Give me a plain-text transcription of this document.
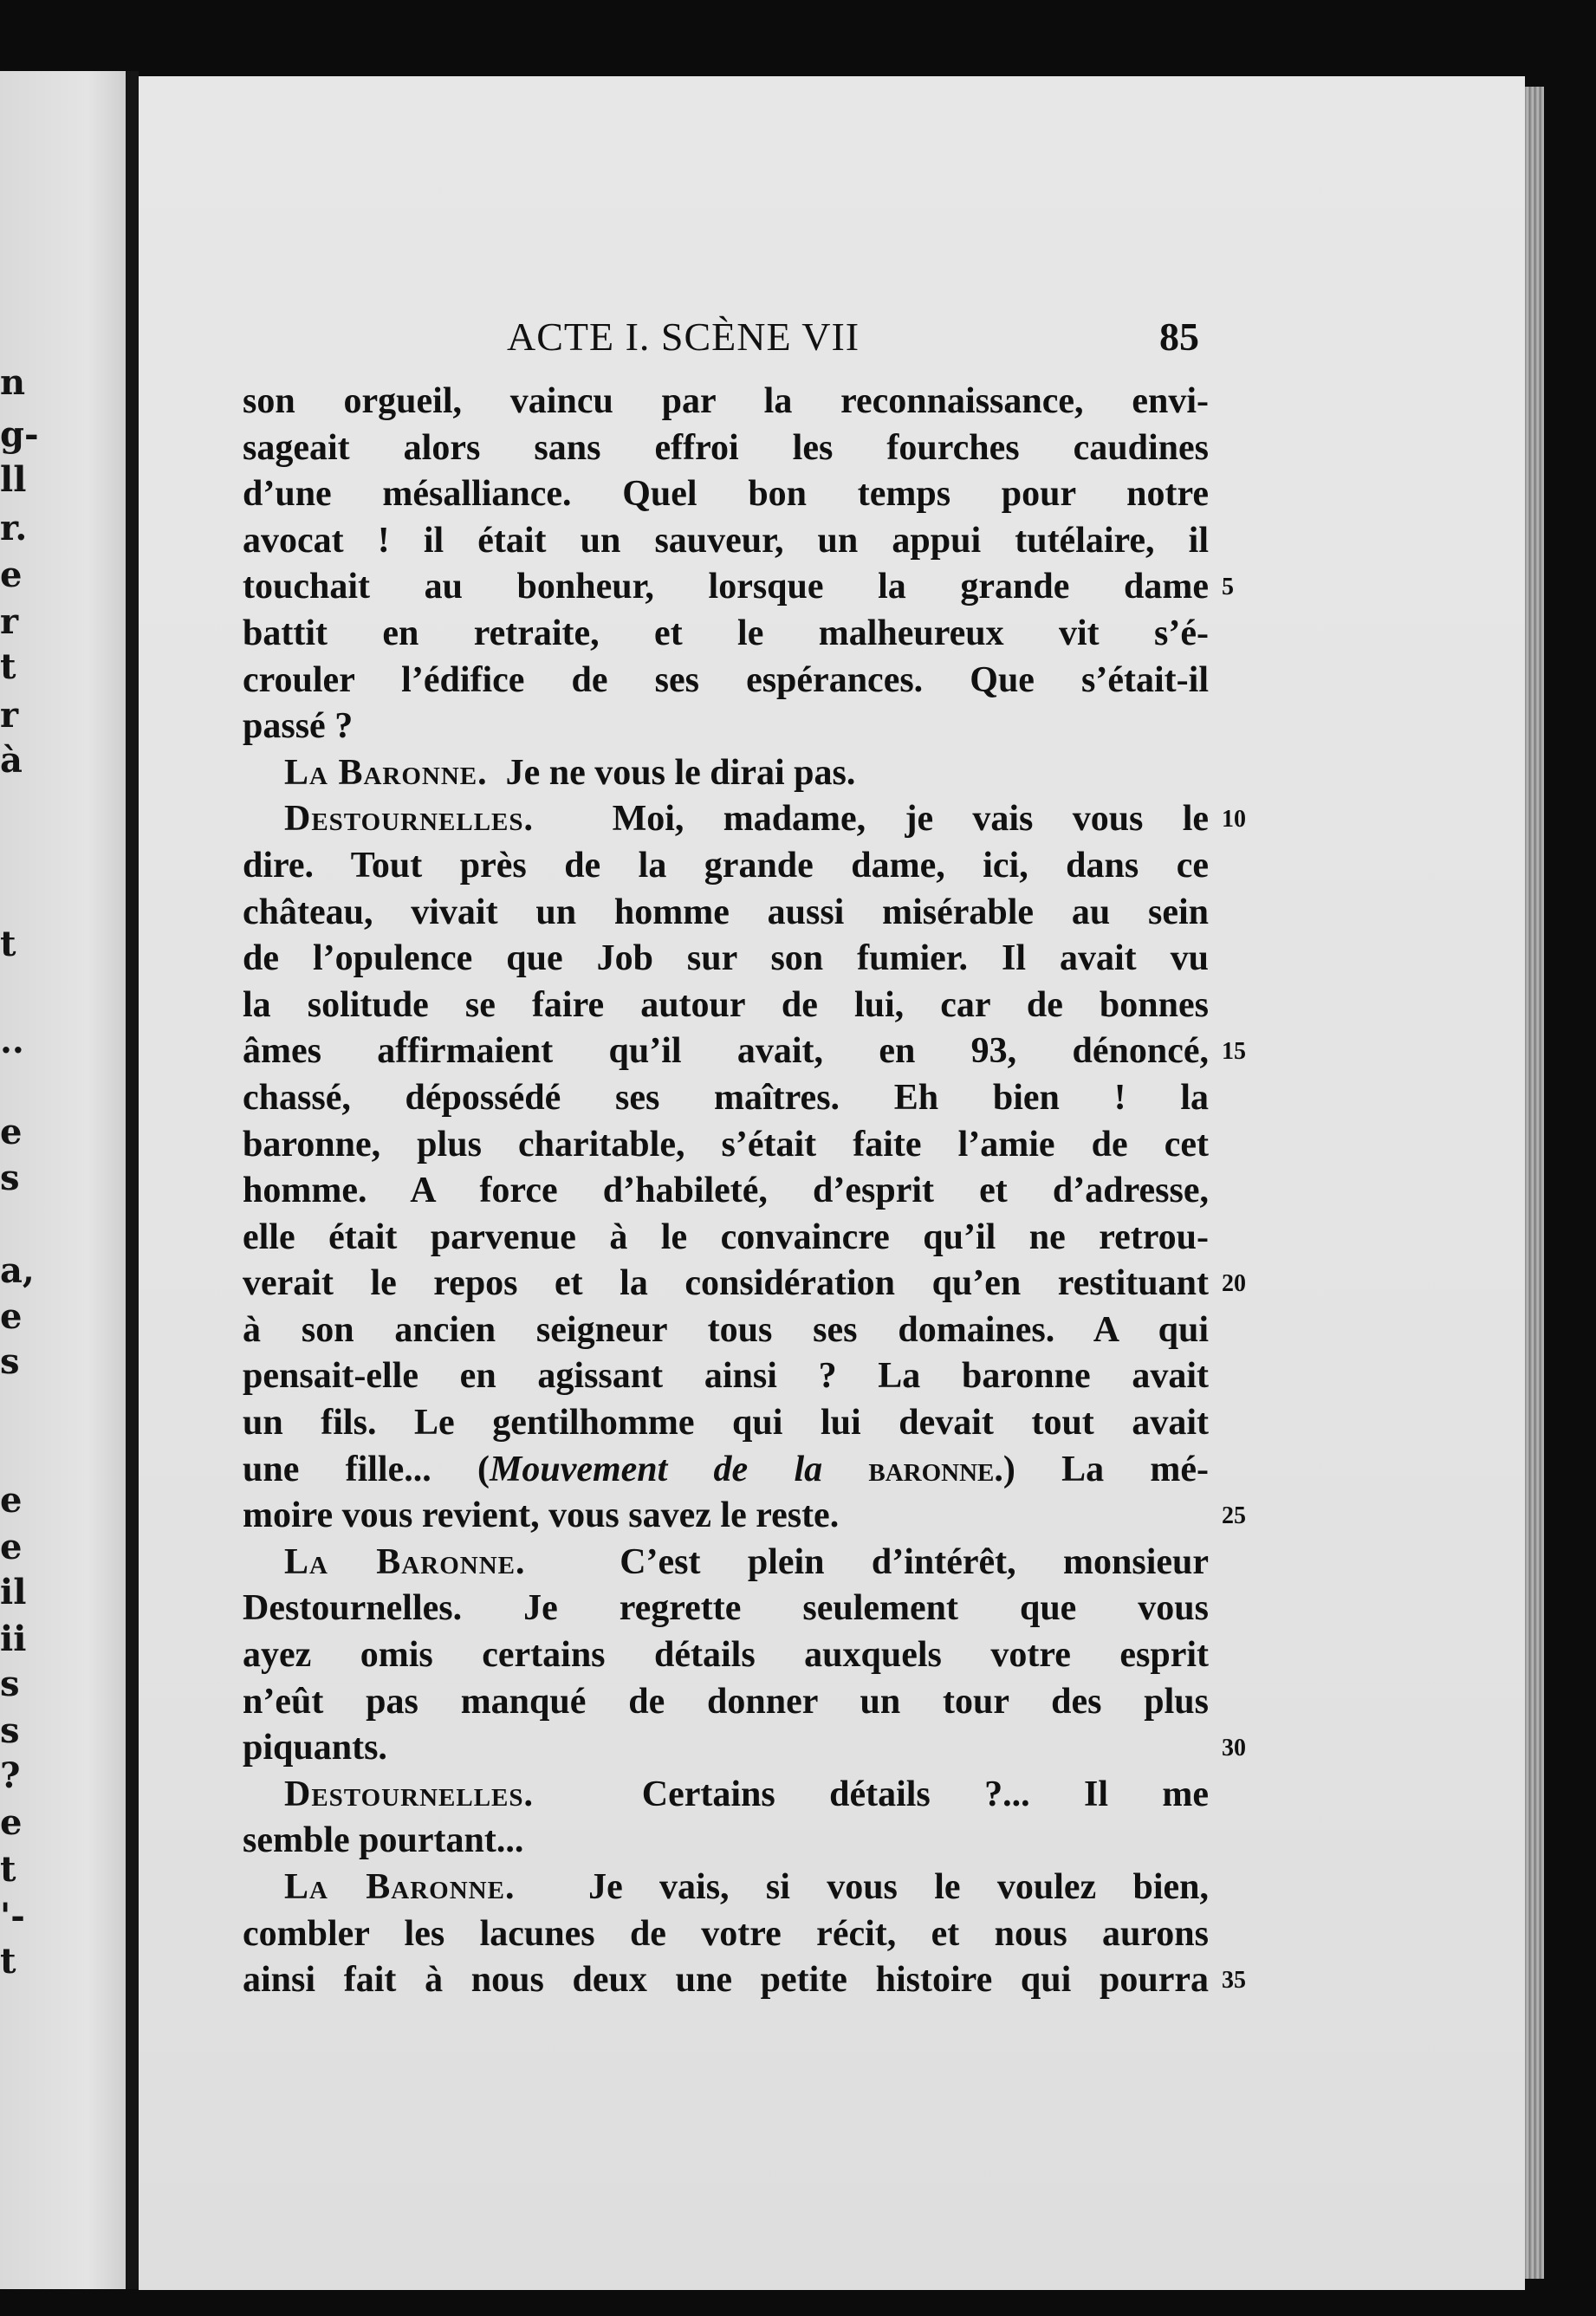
n
g-
ll
r.
e
r
t
r
à
t
..
e
s
a,
e
s
e
e
il
ii
s
s
?
e
t
'-
t
ACTE I. SCÈNE VII	85
son orgueil, vaincu par la reconnaissance, envi-
sageait alors sans effroi les fourches caudines
d’une mésalliance. Quel bon temps pour notre
avocat ! il était un sauveur, un appui tutélaire, il
touchait au bonheur, lorsque la grande dame
battit en retraite, et le malheureux vit s’é-
crouler l’édifice de ses espérances. Que s’était-il
passé ?
La Baronne. Je ne vous le dirai pas.
Destournelles. Moi, madame, je vais vous le
dire. Tout près de la grande dame, ici, dans ce
château, vivait un homme aussi misérable au sein
de l’opulence que Job sur son fumier. Il avait vu
la solitude se faire autour de lui, car de bonnes
âmes affirmaient qu’il avait, en 93, dénoncé,
chassé, dépossédé ses maîtres. Eh bien ! la
baronne, plus charitable, s’était faite l’amie de cet
homme. A force d’habileté, d’esprit et d’adresse,
elle était parvenue à le convaincre qu’il ne retrou-
verait le repos et la considération qu’en restituant
à son ancien seigneur tous ses domaines. A qui
pensait-elle en agissant ainsi ? La baronne avait
un fils. Le gentilhomme qui lui devait tout avait
une fille... (Mouvement de la baronne.) La mé-
moire vous revient, vous savez le reste.
La Baronne.	C’est plein d’intérêt, monsieur
Destournelles. Je regrette seulement que vous
ayez omis certains détails auxquels votre esprit
n’eût pas manqué de donner un tour des plus
piquants.
Destournelles.	Certains détails ?... Il me
semble pourtant...
La Baronne. Je vais, si vous le voulez bien,
combler les lacunes de votre récit, et nous aurons
ainsi fait à nous deux une petite histoire qui pourra
5
10
15
20
25
30
35
